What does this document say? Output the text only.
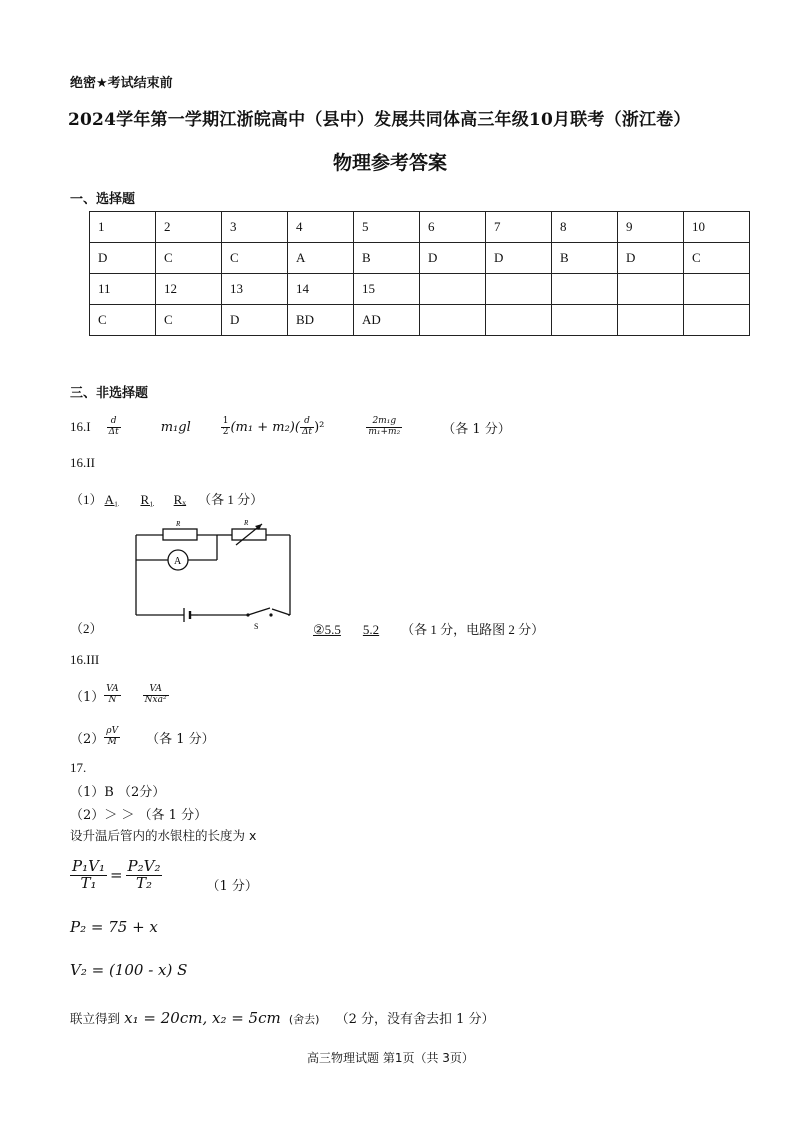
绝密★考试结束前
2024学年第一学期江浙皖高中（县中）发展共同体高三年级10月联考（浙江卷）
物理参考答案
一、选择题
1	2	3	4	5	6	7	8	9	10
D	C	C	A	B	D	D	B	D	C
11	12	13	14	15					
C	C	D	BD	AD					
三、非选择题
$16.I \frac{d}{\Delta t}$	m₁gl	$\frac{1}{2} (m_1 + m_2)( \frac{d}{\Delta t} )^2$	$\frac{\text{2m₁g}}{\text{m₁+m₂}}$	（各 1 分）
16.II
（1） A₁ R₁ Rₓ （各 1 分）
R	R
A
S
（2）	②5.5 5.2 （各 1 分，电路图 2 分）
16.III
$(1) \frac{VA}{N} \frac{VA}{\text{Nxa²}}$
$(2) \frac{\rho V}{M}$ （各 1 分）
17.
（1）B （2分）
（2）＞ ＞ （各 1 分）
设升温后管内的水银柱的长度为 x
$\frac{\text{P₁V₁}}{\text{T₁}} = \frac{\text{P₂V₂}}{\text{T₂}}$	（1 分）
P₂ = 75 + x
V₂ = (100 - x) S
联立得到 x₁ = 20cm, x₂ = 5cm (舍去) （2 分，没有舍去扣 1 分）
高三物理试题 第1页（共 3页）
